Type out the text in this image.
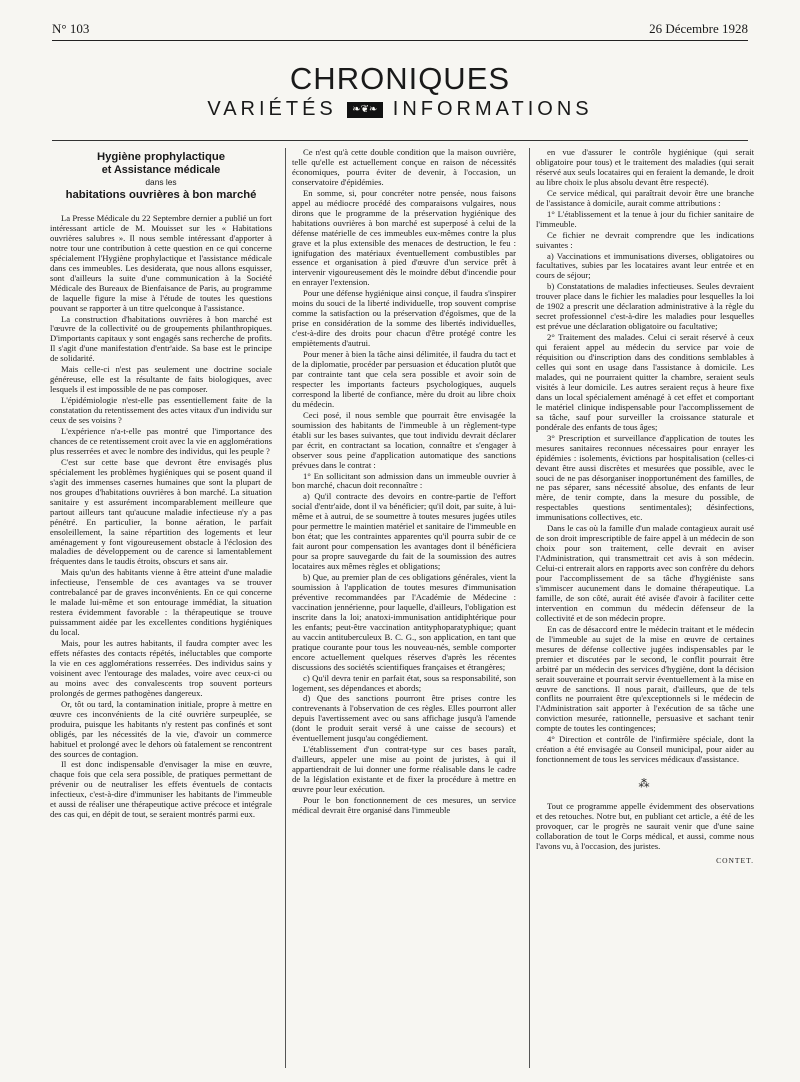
N° 103	26 Décembre 1928
CHRONIQUES
VARIÉTÉS	❧❦❧ INFORMATIONS
Hygiène prophylactique
et Assistance médicale
dans les
habitations ouvrières à bon marché

La Presse Médicale du 22 Septembre dernier a publié un fort intéressant article de M. Mouisset sur les « Habitations ouvrières salubres ». Il nous semble intéressant d'apporter à notre tour une contribution à cette question en ce qui concerne spécialement l'Hygiène prophylactique et l'assistance médicale dans ces immeubles. Les desiderata, que nous allons esquisser, sont d'ailleurs la suite d'une communication à la Société Médicale des Bureaux de Bienfaisance de Paris, au programme de laquelle figure la mise à l'étude de toutes les questions pouvant se rapporter à un titre quelconque à l'assistance.

La construction d'habitations ouvrières à bon marché est l'œuvre de la collectivité ou de groupements philanthropiques. D'importants capitaux y sont engagés sans recherche de profits. Il s'agit d'une manifestation d'entr'aide. Sa base est le principe de solidarité.

Mais celle-ci n'est pas seulement une doctrine sociale généreuse, elle est la résultante de faits biologiques, avec lesquels il est impossible de ne pas composer.

L'épidémiologie n'est-elle pas essentiellement faite de la constatation du retentissement des actes vitaux d'un individu sur ceux de ses voisins ?

L'expérience n'a-t-elle pas montré que l'importance des chances de ce retentissement croit avec la vie en agglomérations plus resserrées et avec le nombre des individus, qui les peuple ?

C'est sur cette base que devront être envisagés plus spécialement les problèmes hygiéniques qui se posent quand il s'agit des immenses casernes humaines que sont la plupart de nos groupes d'habitations ouvrières à bon marché. La situation sanitaire y est assurément incomparablement meilleure que partout ailleurs tant qu'aucune maladie infectieuse n'y a pas pénétré. En particulier, la bonne aération, le parfait ensoleillement, la saine répartition des logements et leur aménagement y font vigoureusement obstacle à l'éclosion des maladies de développement ou de carence si lamentablement fréquentes dans le taudis étroits, obscurs et sans air.

Mais qu'un des habitants vienne à être atteint d'une maladie infectieuse, l'ensemble de ces avantages va se trouver contrebalancé par de graves inconvénients. En ce qui concerne le malade lui-même et son entourage immédiat, la situation restera évidemment favorable : la thérapeutique se trouve puissamment aidée par les excellentes conditions hygiéniques du local.

Mais, pour les autres habitants, il faudra compter avec les effets néfastes des contacts répétés, inéluctables que comporte la vie en ces agglomérations resserrées. Des individus sains y voisinent avec l'entourage des malades, voire avec ceux-ci ou au moins avec des convalescents trop souvent porteurs prolongés de germes pathogènes dangereux.

Or, tôt ou tard, la contamination initiale, propre à mettre en œuvre ces inconvénients de la cité ouvrière surpeuplée, se produira, puisque les habitants n'y restent pas confinés et sont obligés, par les nécessités de la vie, d'avoir un commerce habituel et prolongé avec le dehors où fatalement se rencontrent des sources de contagion.

Il est donc indispensable d'envisager la mise en œuvre, chaque fois que cela sera possible, de pratiques permettant de prévenir ou de neutraliser les effets éventuels de contacts infectieux, c'est-à-dire d'immuniser les habitants de l'immeuble et aussi de réaliser une thérapeutique active précoce et intégrale des cas qui, en dépit de tout, se seraient montrés parmi eux.

Ce n'est qu'à cette double condition que la maison ouvrière, telle qu'elle est actuellement conçue en raison de nécessités économiques, pourra éviter de devenir, à l'occasion, un conservatoire d'épidémies.

En somme, si, pour concréter notre pensée, nous faisons appel au médiocre procédé des comparaisons vulgaires, nous dirons que le programme de la préservation hygiénique des habitations ouvrières à bon marché est superposé à celui de la défense matérielle de ces immeubles eux-mêmes contre la plus grave et la plus extensible des menaces de destruction, le feu : ignifugation des matériaux éventuellement combustibles par essence et organisation à pied d'œuvre d'un service prêt à intervenir vigoureusement dès le moindre début d'incendie pour en enrayer l'extension.

Pour une défense hygiénique ainsi conçue, il faudra s'inspirer moins du souci de la liberté individuelle, trop souvent comprise comme la satisfaction ou la préservation d'égoïsmes, que de la prise en considération de la somme des libertés individuelles, c'est-à-dire des droits pour chacun d'être protégé contre les empiètements d'autrui.

Pour mener à bien la tâche ainsi délimitée, il faudra du tact et de la diplomatie, procéder par persuasion et éducation plutôt que par contrainte tant que cela sera possible et avoir soin de respecter les importants facteurs psychologiques, auquels correspond la liberté de confiance, mère du droit au libre choix du médecin.

Ceci posé, il nous semble que pourrait être envisagée la soumission des habitants de l'immeuble à un règlement-type établi sur les bases suivantes, que tout individu devrait déclarer par écrit, en contractant sa location, connaître et s'engager à observer sous peine d'application automatique des sanctions prévues dans le contrat :

1° En sollicitant son admission dans un immeuble ouvrier à bon marché, chacun doit reconnaître :

a) Qu'il contracte des devoirs en contre-partie de l'effort social d'entr'aide, dont il va bénéficier; qu'il doit, par suite, à lui-même et à autrui, de se soumettre à toutes mesures jugées utiles pour permettre le maintien matériel et sanitaire de l'immeuble en bon état; que les contraintes apparentes qu'il pourra subir de ce fait auront pour compensation les avantages dont il bénéficiera pour sa propre sauvegarde du fait de la soumission des autres locataires aux mêmes règles et obligations;

b) Que, au premier plan de ces obligations générales, vient la soumission à l'application de toutes mesures d'immunisation préventive recommandées par l'Académie de Médecine : vaccination jennérienne, pour laquelle, d'ailleurs, l'obligation est inscrite dans la loi; anatoxi-immunisation antidiphtérique pour les enfants; peut-être vaccination antityphoparatyphique; quant au vaccin antituberculeux B. C. G., son application, en tant que pratique courante pour tous les nouveau-nés, semble comporter encore actuellement quelques réserves d'après les récentes discussions des sociétés scientifiques françaises et étrangères;

c) Qu'il devra tenir en parfait état, sous sa responsabilité, son logement, ses dépendances et abords;

d) Que des sanctions pourront être prises contre les contrevenants à l'observation de ces règles. Elles pourront aller depuis l'avertissement avec ou sans affichage jusqu'à l'amende (dont le produit serait versé à une caisse de secours) et éventuellement jusqu'au congédiement.

L'établissement d'un contrat-type sur ces bases paraît, d'ailleurs, appeler une mise au point de juristes, à qui il appartiendrait de lui donner une forme réalisable dans le cadre de la législation existante et de fixer la procédure à mettre en œuvre pour leur exécution.

Pour le bon fonctionnement de ces mesures, un service médical devrait être organisé dans l'immeuble

en vue d'assurer le contrôle hygiénique (qui serait obligatoire pour tous) et le traitement des maladies (qui serait réservé aux seuls locataires qui en feraient la demande, le droit au libre choix le plus absolu devant être respecté).

Ce service médical, qui paraîtrait devoir être une branche de l'assistance à domicile, aurait comme attributions :

1° L'établissement et la tenue à jour du fichier sanitaire de l'immeuble.

Ce fichier ne devrait comprendre que les indications suivantes :

a) Vaccinations et immunisations diverses, obligatoires ou facultatives, subies par les locataires avant leur entrée et en cours de séjour;

b) Constatations de maladies infectieuses. Seules devraient trouver place dans le fichier les maladies pour lesquelles la loi de 1902 a prescrit une déclaration administrative à la règle du secret professionnel c'est-à-dire les maladies pour lesquelles est prévue une déclaration obligatoire ou facultative;

2° Traitement des malades. Celui ci serait réservé à ceux qui feraient appel au médecin du service par voie de réquisition ou d'inscription dans des conditions semblables à celles qui sont en usage dans l'assistance à domicile. Les malades, qui ne pourraient quitter la chambre, seraient seuls visités à leur domicile. Les autres seraient reçus à heure fixe dans un local spécialement aménagé à cet effet et comportant le matériel clinique indispensable pour l'accomplissement de sa tâche, sauf pour surveiller la croissance staturale et pondérale des enfants de tous âges;

3° Prescription et surveillance d'application de toutes les mesures sanitaires reconnues nécessaires pour enrayer les épidémies : isolements, évictions par hospitalisation (celles-ci devant être aussi discrètes et mesurées que possible, avec le souci de ne pas désorganiser inopportunément des familles, de ne pas séparer, sans nécessité absolue, des enfants de leur mère, de tenir compte, dans la mesure du possible, de respectables questions sentimentales); désinfections, immunisations collectives, etc.

Dans le cas où la famille d'un malade contagieux aurait usé de son droit imprescriptible de faire appel à un médecin de son choix pour son traitement, celle devrait en aviser l'Administration, qui transmettrait cet avis à son médecin. Celui-ci entrerait alors en rapports avec son confrère du dehors pour l'accomplissement de sa tâche d'hygiéniste sans s'immiscer aucunement dans le domaine thérapeutique. La famille, de son côté, aurait été avisée d'avoir à faciliter cette intervention en commun du médecin défenseur de la collectivité et de son médecin propre.

En cas de désaccord entre le médecin traitant et le médecin de l'immeuble au sujet de la mise en œuvre de certaines mesures de défense collective jugées indispensables par le premier et discutées par le second, le conflit pourrait être arbitré par un médecin des services d'hygiène, dont la décision serait souveraine et pourrait servir éventuellement à la mise en œuvre de sanctions. Il nous parait, d'ailleurs, que de tels conflits ne pourraient être qu'exceptionnels si le médecin de l'Administration sait apporter à l'exécution de sa tâche une conviction mesurée, rationnelle, persuasive et sachant tenir compte de toutes les contingences;

4° Direction et contrôle de l'infirmière spéciale, dont la création a été envisagée au Conseil municipal, pour aider au fonctionnement de tous les services médicaux d'assistance.

⁂

Tout ce programme appelle évidemment des observations et des retouches. Notre but, en publiant cet article, a été de les provoquer, car le progrès ne saurait venir que d'une saine collaboration de tout le Corps médical, et aussi, comme nous l'avons vu, à l'occasion, des juristes.

CONTET.
